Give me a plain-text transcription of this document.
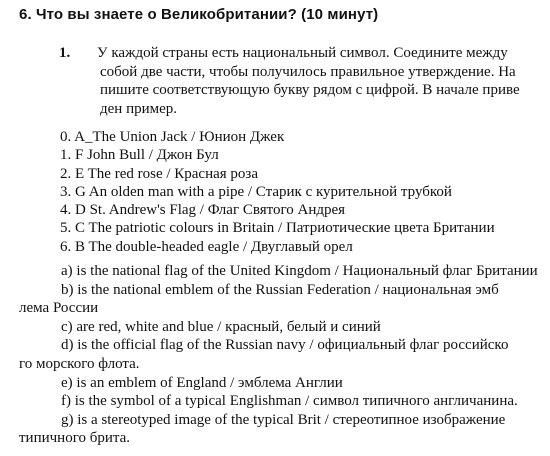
6. Что вы знаете о Великобритании? (10 минут)
1. У каждой страны есть национальный символ. Соедините между
собой две части, чтобы получилось правильное утверждение. На
пишите соответствующую букву рядом с цифрой. В начале приве
ден пример.
0. A_The Union Jack / Юнион Джек
1. F John Bull / Джон Бул
2. E The red rose / Красная роза
3. G An olden man with a pipe / Старик с курительной трубкой
4. D St. Andrew's Flag / Флаг Святого Андрея
5. C The patriotic colours in Britain / Патриотические цвета Британии
6. B The double-headed eagle / Двуглавый орел
a) is the national flag of the United Kingdom / Национальный флаг Британии
b) is the national emblem of the Russian Federation / национальная эмб
лема России
c) are red, white and blue / красный, белый и синий
d) is the official flag of the Russian navy / официальный флаг российско
го морского флота.
e) is an emblem of England / эмблема Англии
f) is the symbol of a typical Englishman / символ типичного англичанина.
g) is a stereotyped image of the typical Brit / стереотипное изображение
типичного брита.
